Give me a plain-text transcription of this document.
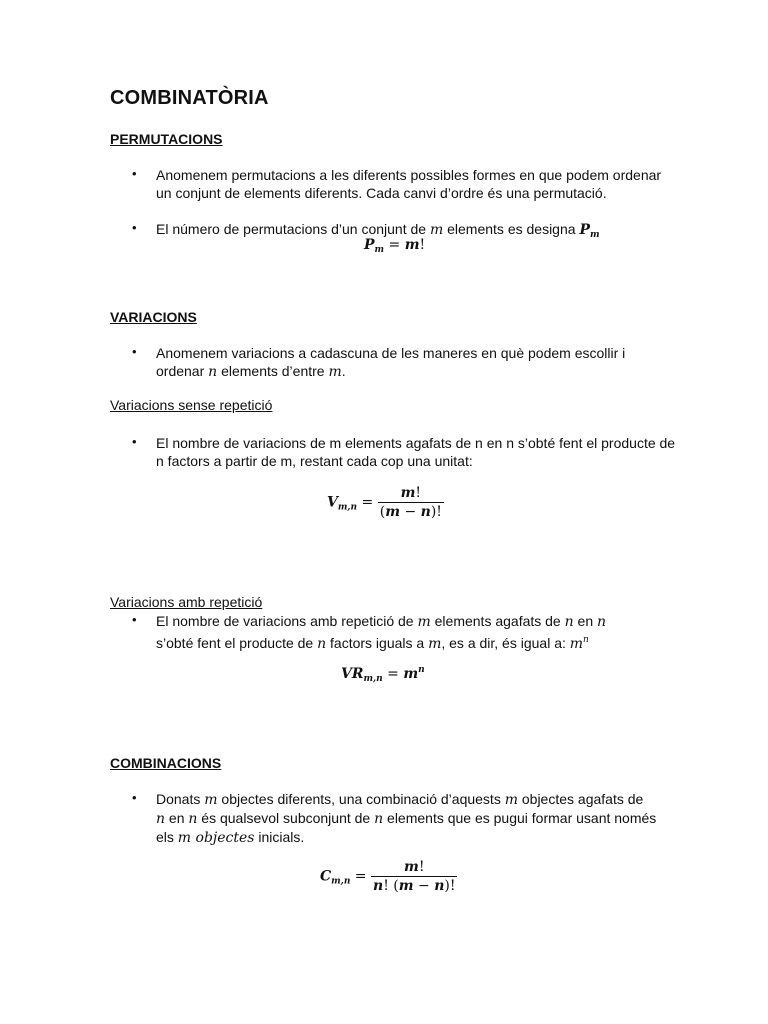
COMBINATÒRIA
PERMUTACIONS
•	Anomenem permutacions a les diferents possibles formes en que podem ordenar un conjunt de elements diferents. Cada canvi d’ordre és una permutació.
•	El número de permutacions d’un conjunt de m elements es designa $P_m$
$P_m = m$!
VARIACIONS
•	Anomenem variacions a cadascuna de les maneres en què podem escollir i ordenar n elements d’entre m.
Variacions sense repetició
•	El nombre de variacions de m elements agafats de n en n s’obté fent el producte de n factors a partir de m, restant cada cop una unitat:
$V_{m,n} = \frac{m!}{(m - n)!}$
Variacions amb repetició
•	El nombre de variacions amb repetició de m elements agafats de n en n
s’obté fent el producte de n factors iguals a m, es a dir, és igual a: $m^n$
$VR_{m,n} = m^n$
COMBINACIONS
•	Donats m objectes diferents, una combinació d’aquests m objectes agafats de
n en n és qualsevol subconjunt de n elements que es pugui formar usant només els m objectes inicials.
$C_{m,n} = \frac{m!}{n! (m - n)!}$
